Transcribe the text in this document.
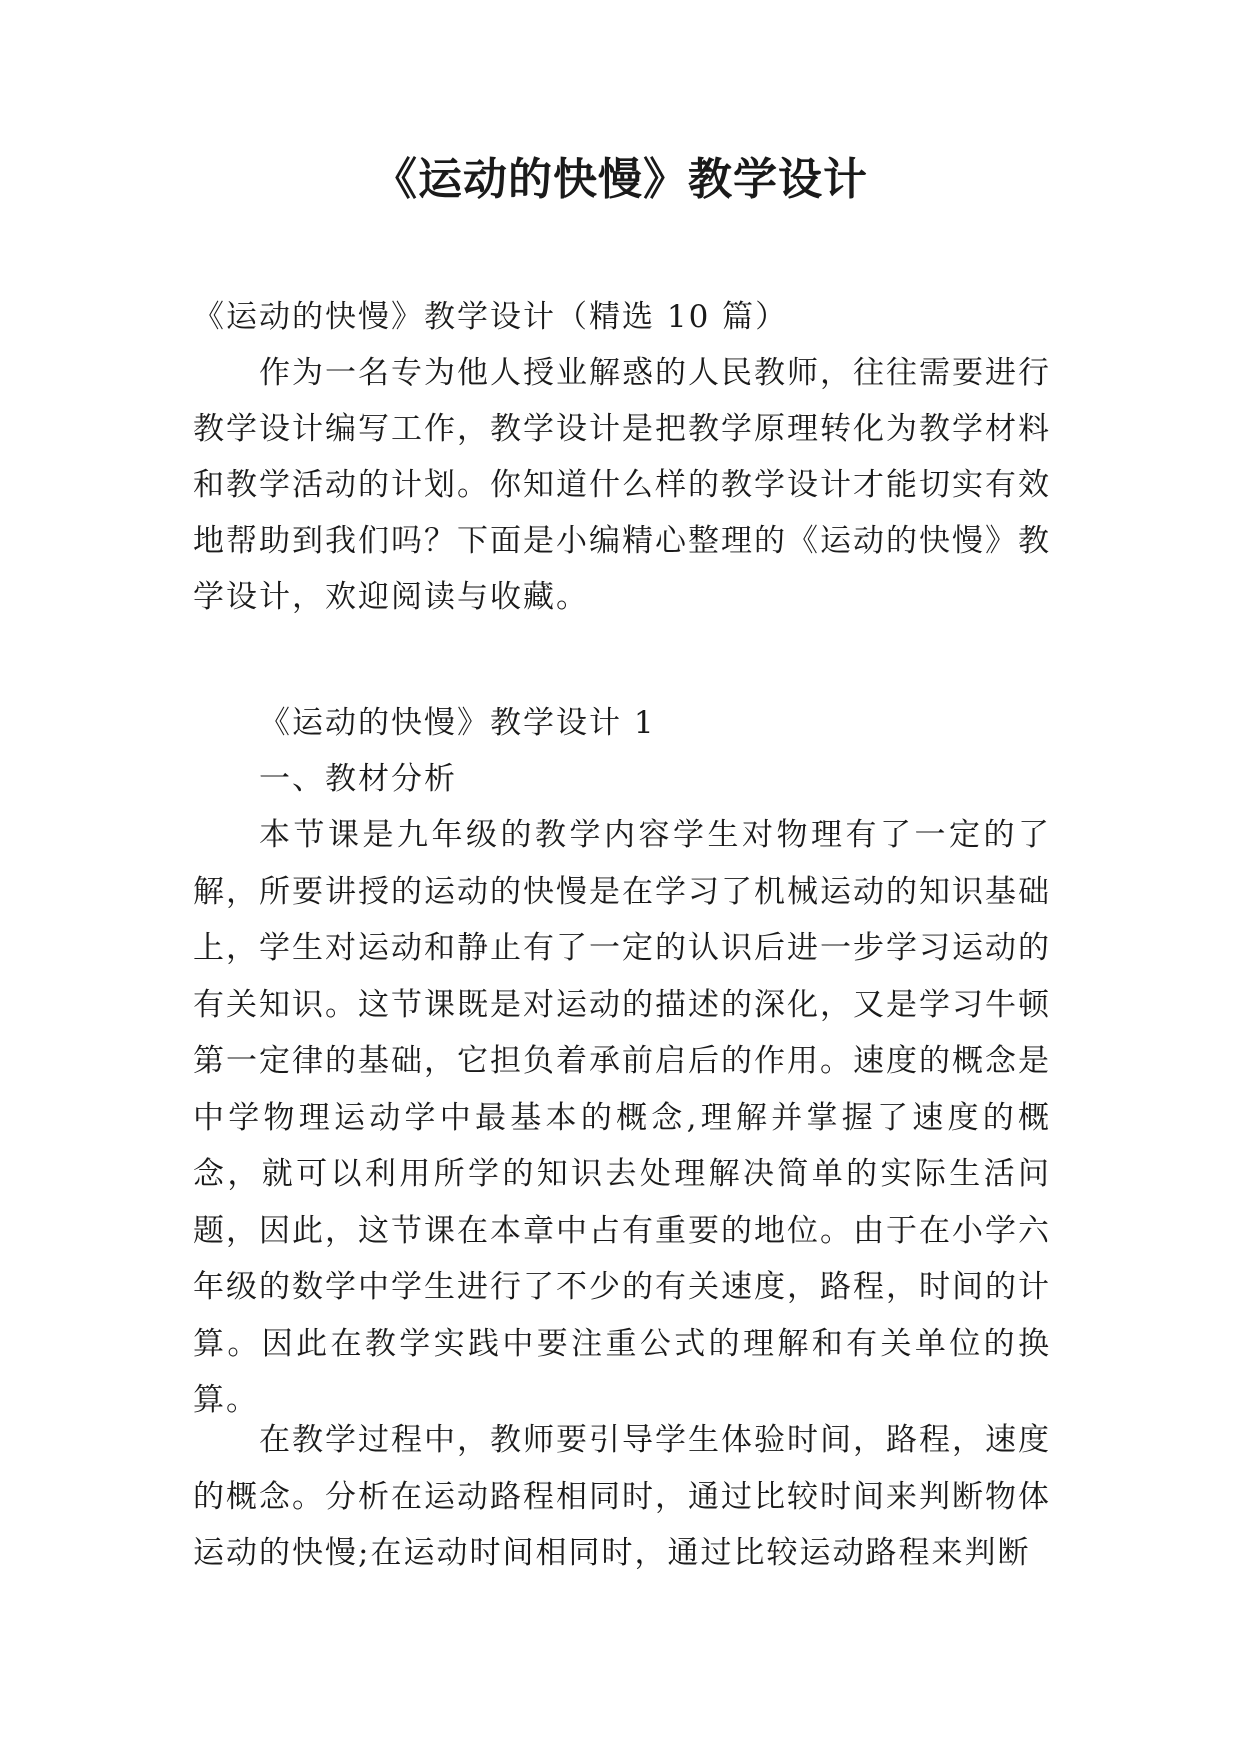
《运动的快慢》教学设计

《运动的快慢》教学设计（精选 10 篇）

作为一名专为他人授业解惑的人民教师，往往需要进行教学设计编写工作，教学设计是把教学原理转化为教学材料和教学活动的计划。你知道什么样的教学设计才能切实有效地帮助到我们吗？下面是小编精心整理的《运动的快慢》教学设计，欢迎阅读与收藏。

《运动的快慢》教学设计 1

一、教材分析

本节课是九年级的教学内容学生对物理有了一定的了解，所要讲授的运动的快慢是在学习了机械运动的知识基础上，学生对运动和静止有了一定的认识后进一步学习运动的有关知识。这节课既是对运动的描述的深化，又是学习牛顿第一定律的基础，它担负着承前启后的作用。速度的概念是中学物理运动学中最基本的概念,理解并掌握了速度的概念，就可以利用所学的知识去处理解决简单的实际生活问题，因此，这节课在本章中占有重要的地位。由于在小学六年级的数学中学生进行了不少的有关速度，路程，时间的计算。因此在教学实践中要注重公式的理解和有关单位的换算。

在教学过程中，教师要引导学生体验时间，路程，速度的概念。分析在运动路程相同时，通过比较时间来判断物体运动的快慢;在运动时间相同时，通过比较运动路程来判断
